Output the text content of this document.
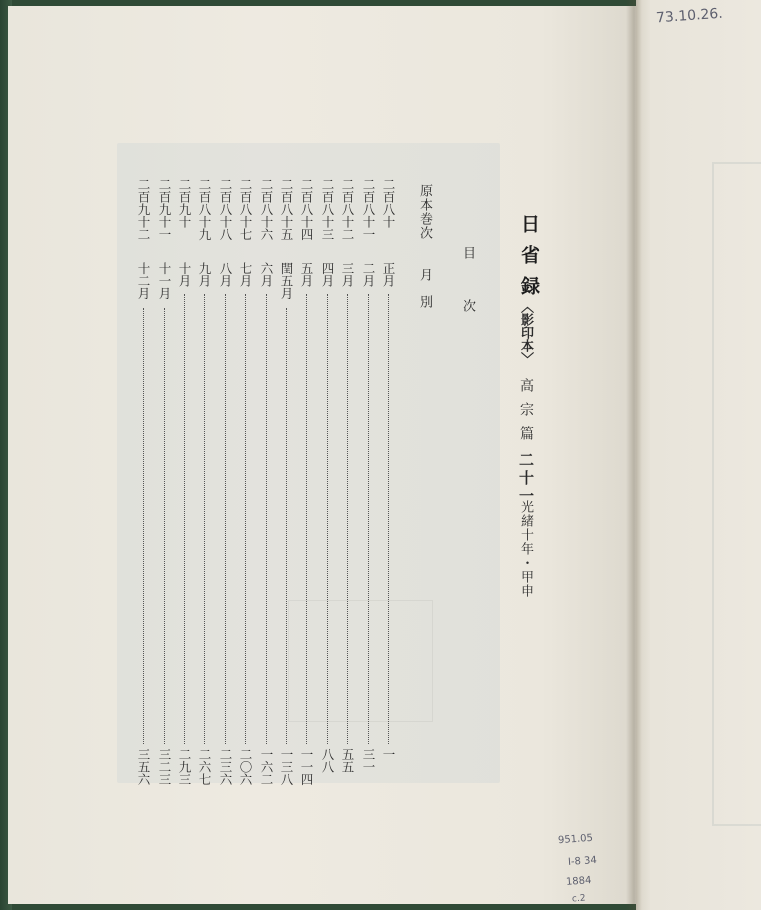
日省録
〈影印本〉
高宗篇
二十一
光緒十年・甲申
目次
原本巻次
月別
二百八十
正月
一
二百八十一
二月
三一
二百八十二
三月
五五
二百八十三
四月
八八
二百八十四
五月
一一四
二百八十五
閏五月
一三八
二百八十六
六月
一六二
二百八十七
七月
二〇六
二百八十八
八月
二三六
二百八十九
九月
二六七
二百九十
十月
二九三
二百九十一
十一月
三二三
二百九十二
十二月
三五六
73.10.26.
951.05
I-8 34
1884
c.2
